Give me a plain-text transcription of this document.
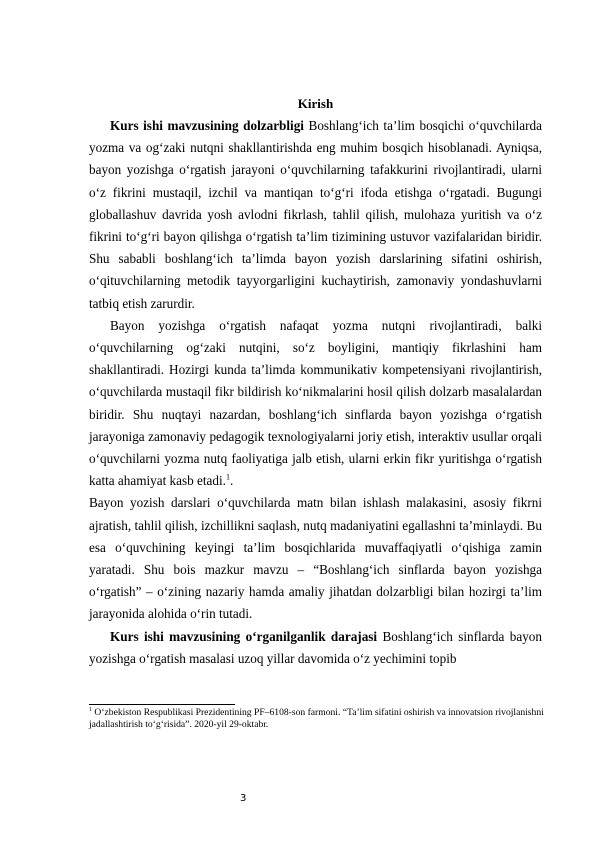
Kirish

Kurs ishi mavzusining dolzarbligi Boshlang‘ich ta’lim bosqichi o‘quvchilarda yozma va og‘zaki nutqni shakllantirishda eng muhim bosqich hisoblanadi. Ayniqsa, bayon yozishga o‘rgatish jarayoni o‘quvchilarning tafakkurini rivojlantiradi, ularni o‘z fikrini mustaqil, izchil va mantiqan to‘g‘ri ifoda etishga o‘rgatadi. Bugungi globallashuv davrida yosh avlodni fikrlash, tahlil qilish, mulohaza yuritish va o‘z fikrini to‘g‘ri bayon qilishga o‘rgatish ta’lim tizimining ustuvor vazifalaridan biridir. Shu sababli boshlang‘ich ta’limda bayon yozish darslarining sifatini oshirish, o‘qituvchilarning metodik tayyorgarligini kuchaytirish, zamonaviy yondashuvlarni tatbiq etish zarurdir.

Bayon yozishga o‘rgatish nafaqat yozma nutqni rivojlantiradi, balki o‘quvchilarning og‘zaki nutqini, so‘z boyligini, mantiqiy fikrlashini ham shakllantiradi. Hozirgi kunda ta’limda kommunikativ kompetensiyani rivojlantirish, o‘quvchilarda mustaqil fikr bildirish ko‘nikmalarini hosil qilish dolzarb masalalardan biridir. Shu nuqtayi nazardan, boshlang‘ich sinflarda bayon yozishga o‘rgatish jarayoniga zamonaviy pedagogik texnologiyalarni joriy etish, interaktiv usullar orqali o‘quvchilarni yozma nutq faoliyatiga jalb etish, ularni erkin fikr yuritishga o‘rgatish katta ahamiyat kasb etadi.$^1$.

Bayon yozish darslari o‘quvchilarda matn bilan ishlash malakasini, asosiy fikrni ajratish, tahlil qilish, izchillikni saqlash, nutq madaniyatini egallashni ta’minlaydi. Bu esa o‘quvchining keyingi ta’lim bosqichlarida muvaffaqiyatli o‘qishiga zamin yaratadi. Shu bois mazkur mavzu – “Boshlang‘ich sinflarda bayon yozishga o‘rgatish” – o‘zining nazariy hamda amaliy jihatdan dolzarbligi bilan hozirgi ta’lim jarayonida alohida o‘rin tutadi.

Kurs ishi mavzusining o‘rganilganlik darajasi Boshlang‘ich sinflarda bayon yozishga o‘rgatish masalasi uzoq yillar davomida o‘z yechimini topib

$^1$ O‘zbekiston Respublikasi Prezidentining PF–6108-son farmoni. “Ta’lim sifatini oshirish va innovatsion rivojlanishni jadallashtirish to‘g‘risida”. 2020-yil 29-oktabr.
3
